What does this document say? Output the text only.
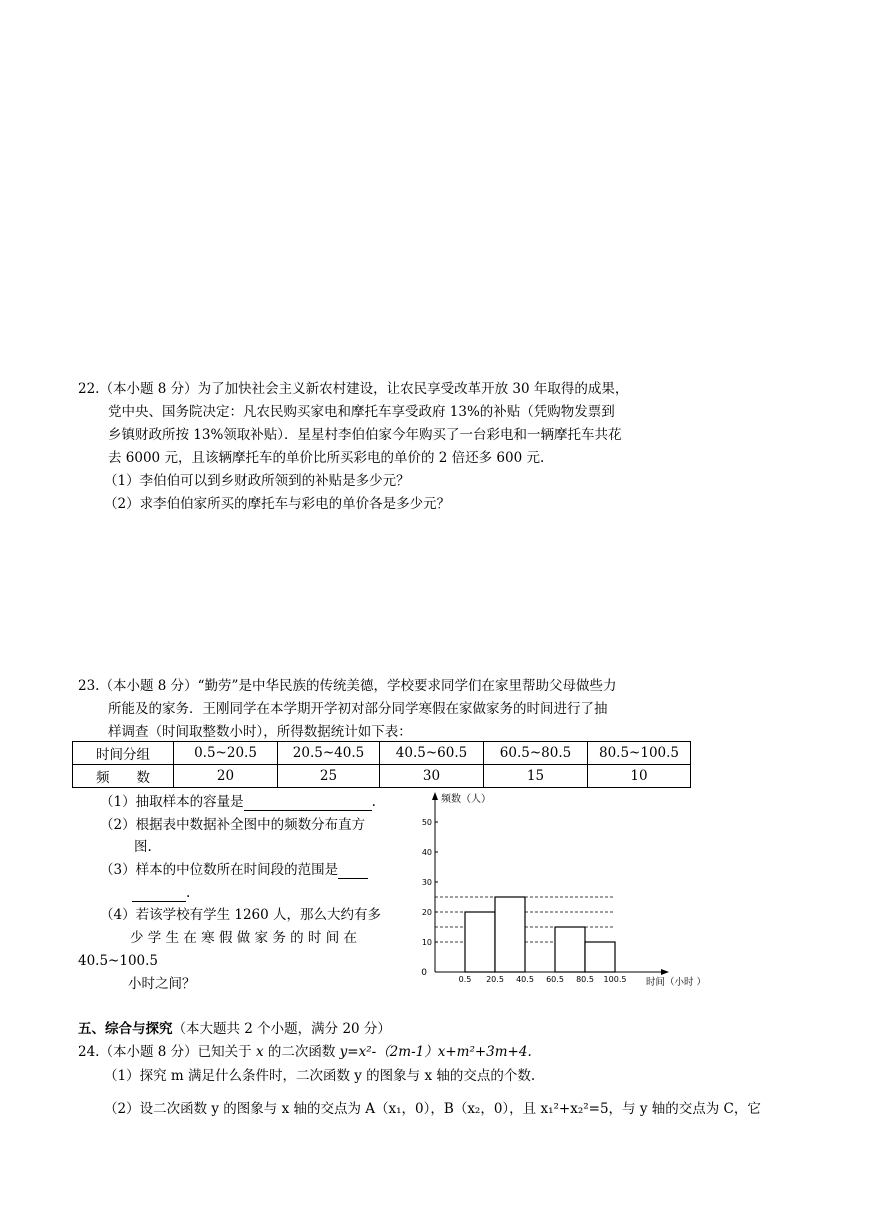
22.（本小题 8 分）为了加快社会主义新农村建设，让农民享受改革开放 30 年取得的成果，
党中央、国务院决定：凡农民购买家电和摩托车享受政府 13%的补贴（凭购物发票到
乡镇财政所按 13%领取补贴）．星星村李伯伯家今年购买了一台彩电和一辆摩托车共花
去 6000 元，且该辆摩托车的单价比所买彩电的单价的 2 倍还多 600 元.
（1）李伯伯可以到乡财政所领到的补贴是多少元？
（2）求李伯伯家所买的摩托车与彩电的单价各是多少元？
23.（本小题 8 分）“勤劳”是中华民族的传统美德，学校要求同学们在家里帮助父母做些力
所能及的家务．王刚同学在本学期开学初对部分同学寒假在家做家务的时间进行了抽
样调查（时间取整数小时），所得数据统计如下表：
时间分组	0.5~20.5	20.5~40.5	40.5~60.5	60.5~80.5	80.5~100.5
频　　数	20	25	30	15	10
（1）抽取样本的容量是	.
（2）根据表中数据补全图中的频数分布直方
图.
（3）样本的中位数所在时间段的范围是
.
（4）若该学校有学生 1260 人，那么大约有多
少 学 生 在 寒 假 做 家 务 的 时 间 在
40.5~100.5
小时之间？
频数（人）
时间（小时 ）
0
10
20
30
40
50
0.5 20.5 40.5 60.5 80.5 100.5
五、综合与探究（本大题共 2 个小题，满分 20 分）
24.（本小题 8 分）已知关于 x 的二次函数 y=x²-（2m-1）x+m²+3m+4.
（1）探究 m 满足什么条件时，二次函数 y 的图象与 x 轴的交点的个数.
（2）设二次函数 y 的图象与 x 轴的交点为 A（x₁，0），B（x₂，0），且 x₁²+x₂²=5，与 y 轴的交点为 C，它
